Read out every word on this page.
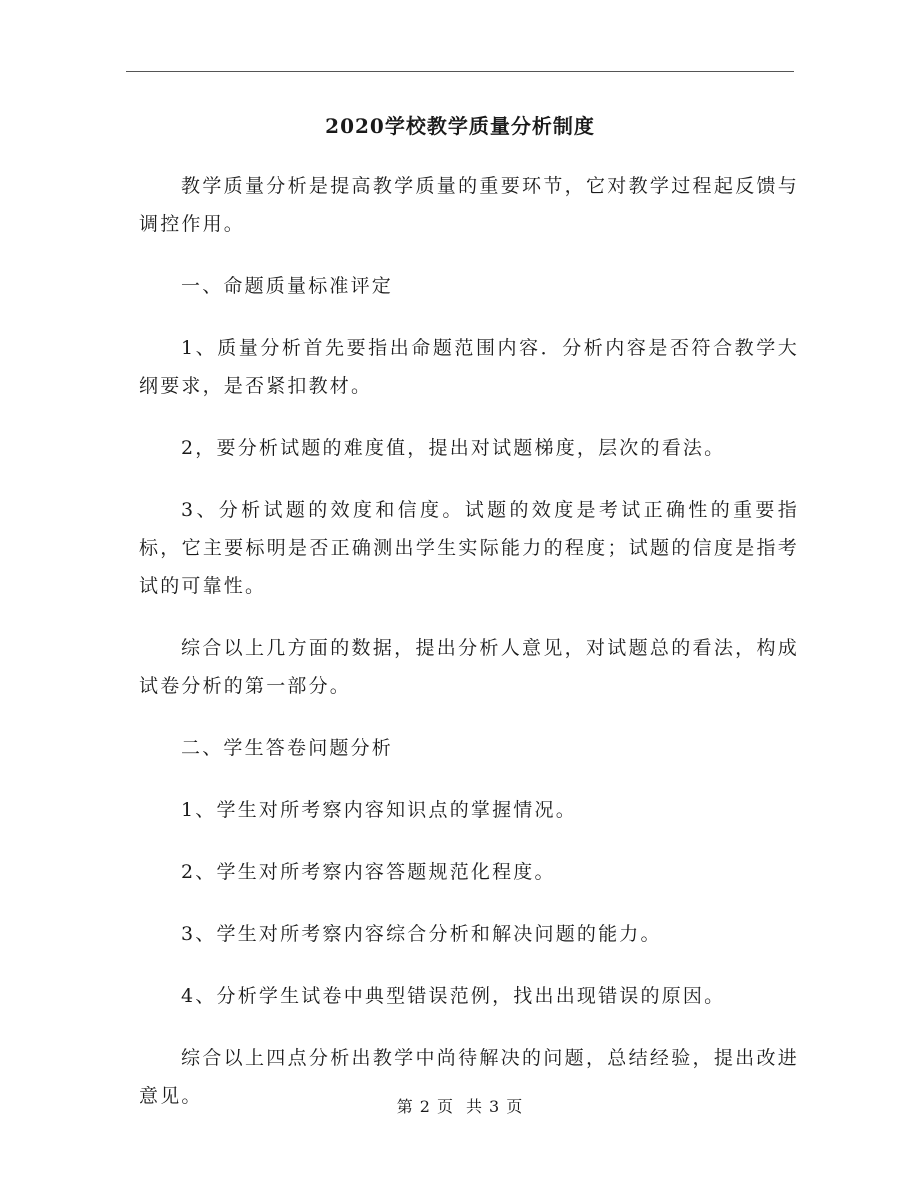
2020学校教学质量分析制度

教学质量分析是提高教学质量的重要环节，它对教学过程起反馈与调控作用。

一、命题质量标准评定

1、质量分析首先要指出命题范围内容．分析内容是否符合教学大纲要求，是否紧扣教材。

2，要分析试题的难度值，提出对试题梯度，层次的看法。

3、分析试题的效度和信度。试题的效度是考试正确性的重要指标，它主要标明是否正确测出学生实际能力的程度；试题的信度是指考试的可靠性。

综合以上几方面的数据，提出分析人意见，对试题总的看法，构成试卷分析的第一部分。

二、学生答卷问题分析

1、学生对所考察内容知识点的掌握情况。

2、学生对所考察内容答题规范化程度。

3、学生对所考察内容综合分析和解决问题的能力。

4、分析学生试卷中典型错误范例，找出出现错误的原因。

综合以上四点分析出教学中尚待解决的问题，总结经验，提出改进意见。	第 2 页 共 3 页
